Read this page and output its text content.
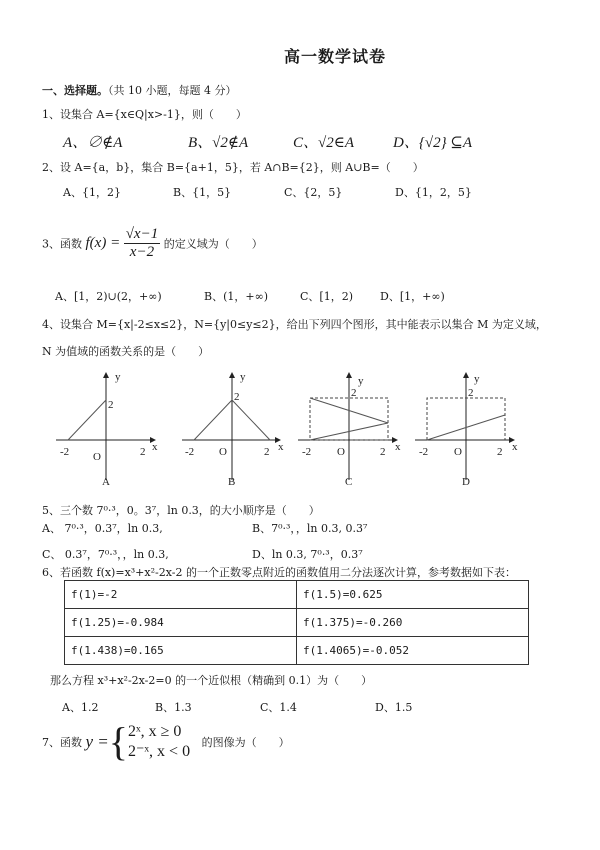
高一数学试卷
一、选择题。（共 10 小题，每题 4 分）
1、设集合 A={x∈Q|x>-1}，则（　　）
A、∅∉A	B、√2∉A	C、√2∈A	D、{√2} ⊆A
2、设 A={a，b}，集合 B={a+1，5}，若 A∩B={2}，则 A∪B=（　　）
A、{1，2}	B、{1，5}	C、{2，5}	D、{1，2，5}
3、函数 $f(x) = \frac{√x-1}{x-2}$ 的定义域为（　　）
A、[1，2)∪(2，+∞)	B、(1，+∞)	C、[1，2) D、[1，+∞)
4、设集合 M={x|-2≤x≤2}，N={y|0≤y≤2}，给出下列四个图形，其中能表示以集合 M 为定义域，
N 为值域的函数关系的是（　　）
y
2
-2 O	2 x
A
y
2
-2 O	2 x
B
y
2
-2 O	2 x
C
y
2
-2 O	2 x
D
5、三个数 7⁰·³，0。3⁷，ln 0.3，的大小顺序是（　　）
A、 7⁰·³，0.3⁷，ln 0.3,	B、7⁰·³，，ln 0.3, 0.3⁷
C、 0.3⁷，7⁰·³，，ln 0.3,	D、ln 0.3, 7⁰·³，0.3⁷
6、若函数 f(x)=x³+x²-2x-2 的一个正数零点附近的函数值用二分法逐次计算，参考数据如下表：
f(1)=-2	f(1.5)=0.625
f(1.25)=-0.984	f(1.375)=-0.260
f(1.438)=0.165	f(1.4065)=-0.052
那么方程 x³+x²-2x-2=0 的一个近似根（精确到 0.1）为（　　）
A、1.2	B、1.3	C、1.4	D、1.5
7、函数 y ={ 2ˣ, x ≥ 0
2⁻ˣ, x < 0
的图像为（　　）
